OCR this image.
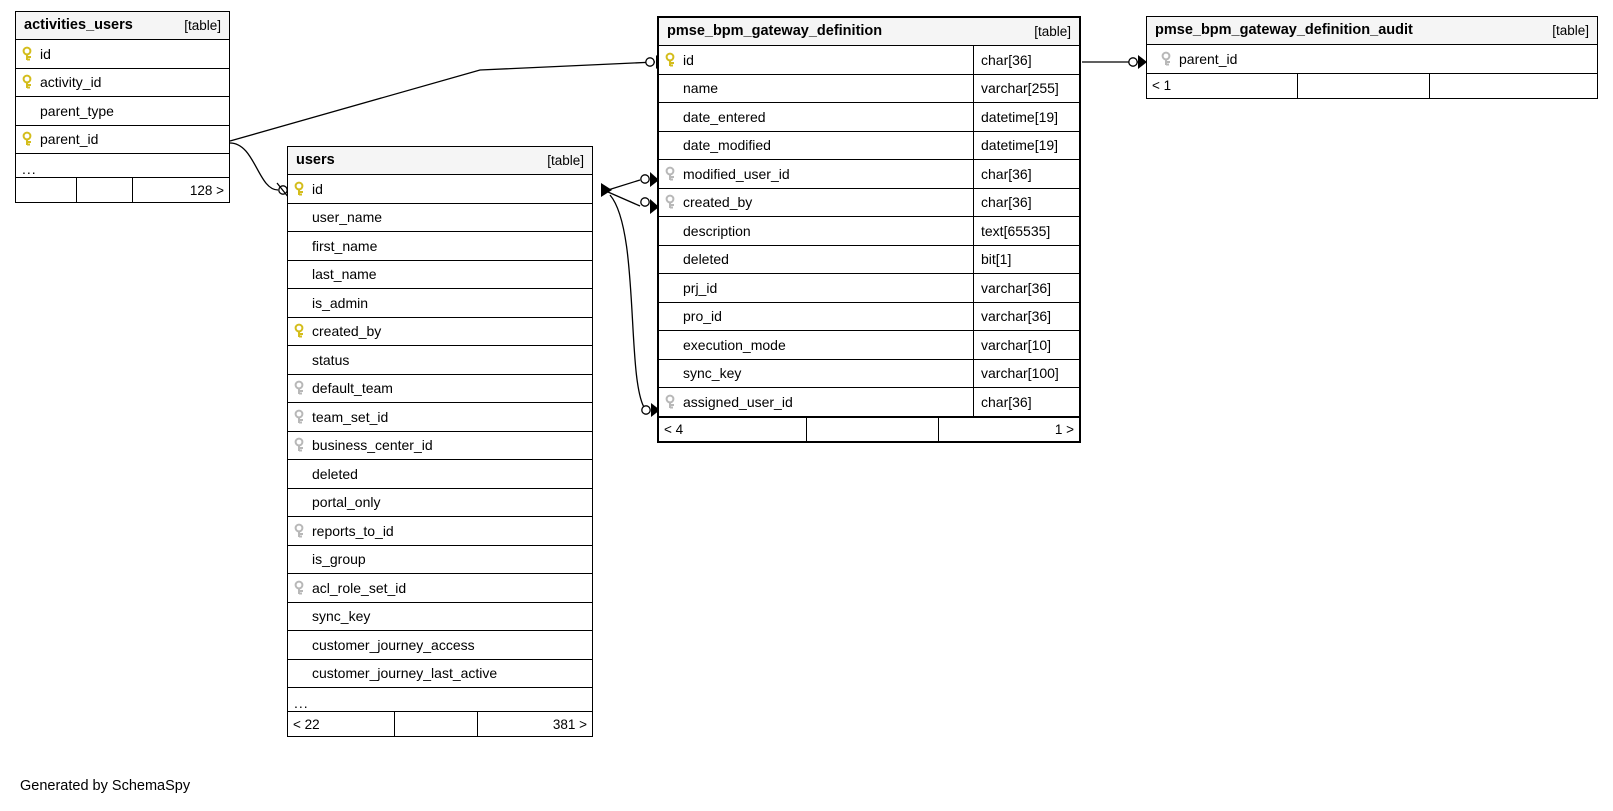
activities_users	[table]
id
activity_id
parent_type
parent_id
...
128 >
users	[table]
id
user_name
first_name
last_name
is_admin
created_by
status
default_team
team_set_id
business_center_id
deleted
portal_only
reports_to_id
is_group
acl_role_set_id
sync_key
customer_journey_access
customer_journey_last_active
...
< 22	381 >
pmse_bpm_gateway_definition	[table]
id	char[36]
name	varchar[255]
date_entered	datetime[19]
date_modified	datetime[19]
modified_user_id	char[36]
created_by	char[36]
description	text[65535]
deleted	bit[1]
prj_id	varchar[36]
pro_id	varchar[36]
execution_mode	varchar[10]
sync_key	varchar[100]
assigned_user_id	char[36]
< 4	1 >
pmse_bpm_gateway_definition_audit	[table]
parent_id
< 1
Generated by SchemaSpy
